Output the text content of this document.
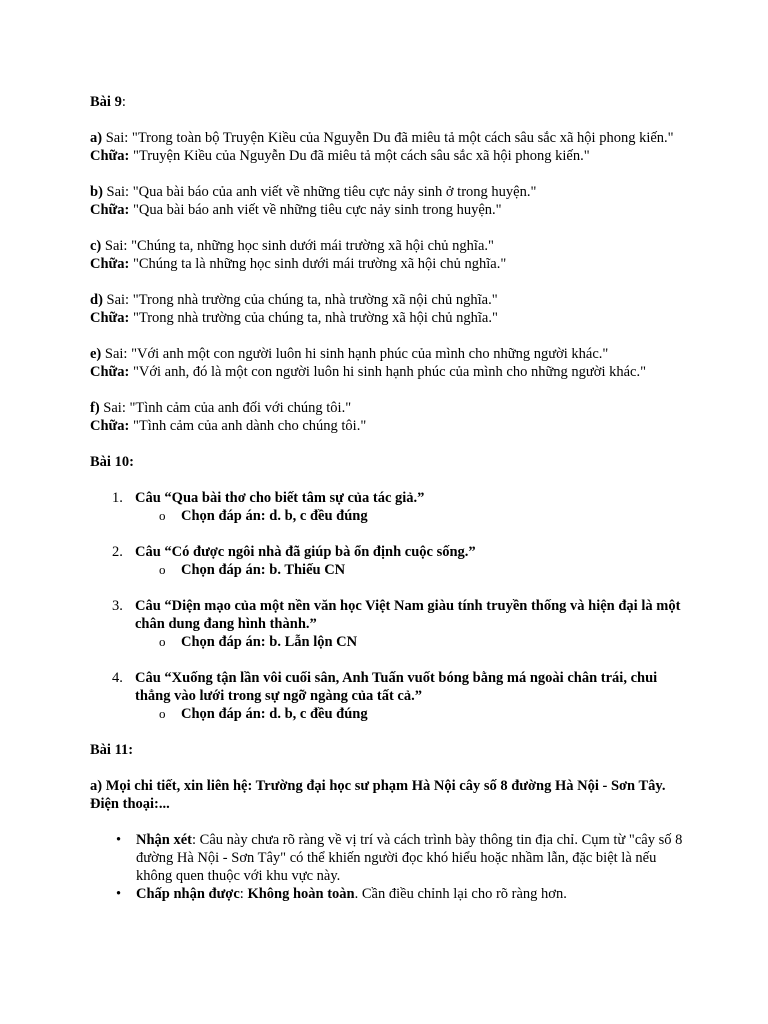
Bài 9:

a) Sai: "Trong toàn bộ Truyện Kiều của Nguyễn Du đã miêu tả một cách sâu sắc xã hội phong kiến."

Chữa: "Truyện Kiều của Nguyễn Du đã miêu tả một cách sâu sắc xã hội phong kiến."

b) Sai: "Qua bài báo của anh viết về những tiêu cực nảy sinh ở trong huyện."

Chữa: "Qua bài báo anh viết về những tiêu cực nảy sinh trong huyện."

c) Sai: "Chúng ta, những học sinh dưới mái trường xã hội chủ nghĩa."

Chữa: "Chúng ta là những học sinh dưới mái trường xã hội chủ nghĩa."

d) Sai: "Trong nhà trường của chúng ta, nhà trường xã nội chủ nghĩa."

Chữa: "Trong nhà trường của chúng ta, nhà trường xã hội chủ nghĩa."

e) Sai: "Với anh một con người luôn hi sinh hạnh phúc của mình cho những người khác."

Chữa: "Với anh, đó là một con người luôn hi sinh hạnh phúc của mình cho những người khác."

f) Sai: "Tình cảm của anh đối với chúng tôi."

Chữa: "Tình cảm của anh dành cho chúng tôi."

Bài 10:

1. Câu “Qua bài thơ cho biết tâm sự của tác giả.”

o Chọn đáp án: d. b, c đều đúng
2. Câu “Có được ngôi nhà đã giúp bà ổn định cuộc sống.”

o Chọn đáp án: b. Thiếu CN
3. Câu “Diện mạo của một nền văn học Việt Nam giàu tính truyền thống và hiện đại là một chân dung đang hình thành.”

o Chọn đáp án: b. Lẫn lộn CN
4. Câu “Xuống tận lần vôi cuối sân, Anh Tuấn vuốt bóng bằng má ngoài chân trái, chui thẳng vào lưới trong sự ngỡ ngàng của tất cả.”

o Chọn đáp án: d. b, c đều đúng

Bài 11:

a) Mọi chi tiết, xin liên hệ: Trường đại học sư phạm Hà Nội cây số 8 đường Hà Nội - Sơn Tây. Điện thoại:...

• Nhận xét: Câu này chưa rõ ràng về vị trí và cách trình bày thông tin địa chỉ. Cụm từ "cây số 8 đường Hà Nội - Sơn Tây" có thể khiến người đọc khó hiểu hoặc nhầm lẫn, đặc biệt là nếu không quen thuộc với khu vực này.
• Chấp nhận được: Không hoàn toàn. Cần điều chỉnh lại cho rõ ràng hơn.
